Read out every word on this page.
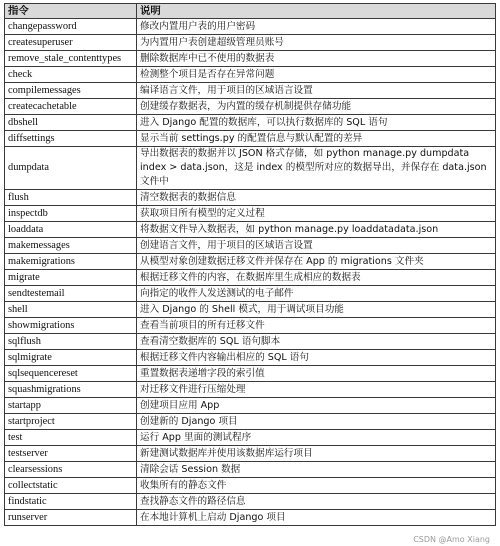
指令	说明
changepassword	修改内置用户表的用户密码
createsuperuser	为内置用户表创建超级管理员账号
remove_stale_contenttypes	删除数据库中已不使用的数据表
check	检测整个项目是否存在异常问题
compilemessages	编译语言文件，用于项目的区域语言设置
createcachetable	创建缓存数据表，为内置的缓存机制提供存储功能
dbshell	进入 Django 配置的数据库，可以执行数据库的 SQL 语句
diffsettings	显示当前 settings.py 的配置信息与默认配置的差异
dumpdata	导出数据表的数据并以 JSON 格式存储，如 python manage.py dumpdata index > data.json，这是 index 的模型所对应的数据导出，并保存在 data.json 文件中
flush	清空数据表的数据信息
inspectdb	获取项目所有模型的定义过程
loaddata	将数据文件导入数据表，如 python manage.py loaddatadata.json
makemessages	创建语言文件，用于项目的区域语言设置
makemigrations	从模型对象创建数据迁移文件并保存在 App 的 migrations 文件夹
migrate	根据迁移文件的内容，在数据库里生成相应的数据表
sendtestemail	向指定的收件人发送测试的电子邮件
shell	进入 Django 的 Shell 模式，用于调试项目功能
showmigrations	查看当前项目的所有迁移文件
sqlflush	查看清空数据库的 SQL 语句脚本
sqlmigrate	根据迁移文件内容输出相应的 SQL 语句
sqlsequencereset	重置数据表递增字段的索引值
squashmigrations	对迁移文件进行压缩处理
startapp	创建项目应用 App
startproject	创建新的 Django 项目
test	运行 App 里面的测试程序
testserver	新建测试数据库并使用该数据库运行项目
clearsessions	清除会话 Session 数据
collectstatic	收集所有的静态文件
findstatic	查找静态文件的路径信息
runserver	在本地计算机上启动 Django 项目
CSDN @Amo Xiang
